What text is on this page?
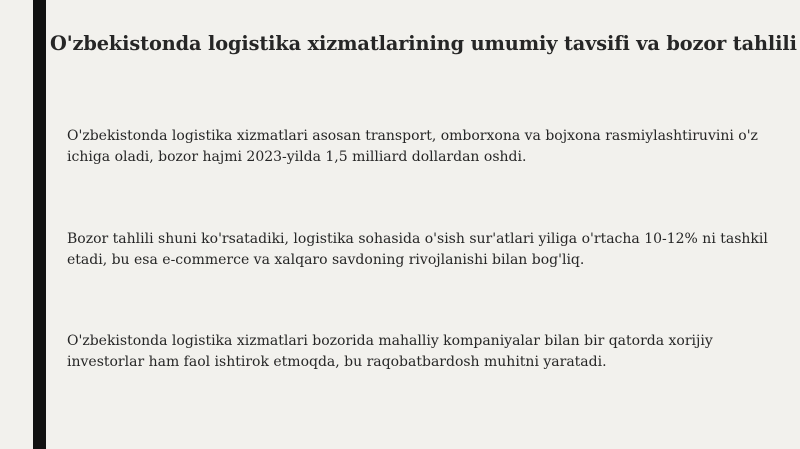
O'zbekistonda logistika xizmatlarining umumiy tavsifi va bozor tahlili

O'zbekistonda logistika xizmatlari asosan transport, omborxona va bojxona rasmiylashtiruvini o'z ichiga oladi, bozor hajmi 2023-yilda 1,5 milliard dollardan oshdi.

Bozor tahlili shuni ko'rsatadiki, logistika sohasida o'sish sur'atlari yiliga o'rtacha 10-12% ni tashkil etadi, bu esa e-commerce va xalqaro savdoning rivojlanishi bilan bog'liq.

O'zbekistonda logistika xizmatlari bozorida mahalliy kompaniyalar bilan bir qatorda xorijiy investorlar ham faol ishtirok etmoqda, bu raqobatbardosh muhitni yaratadi.
